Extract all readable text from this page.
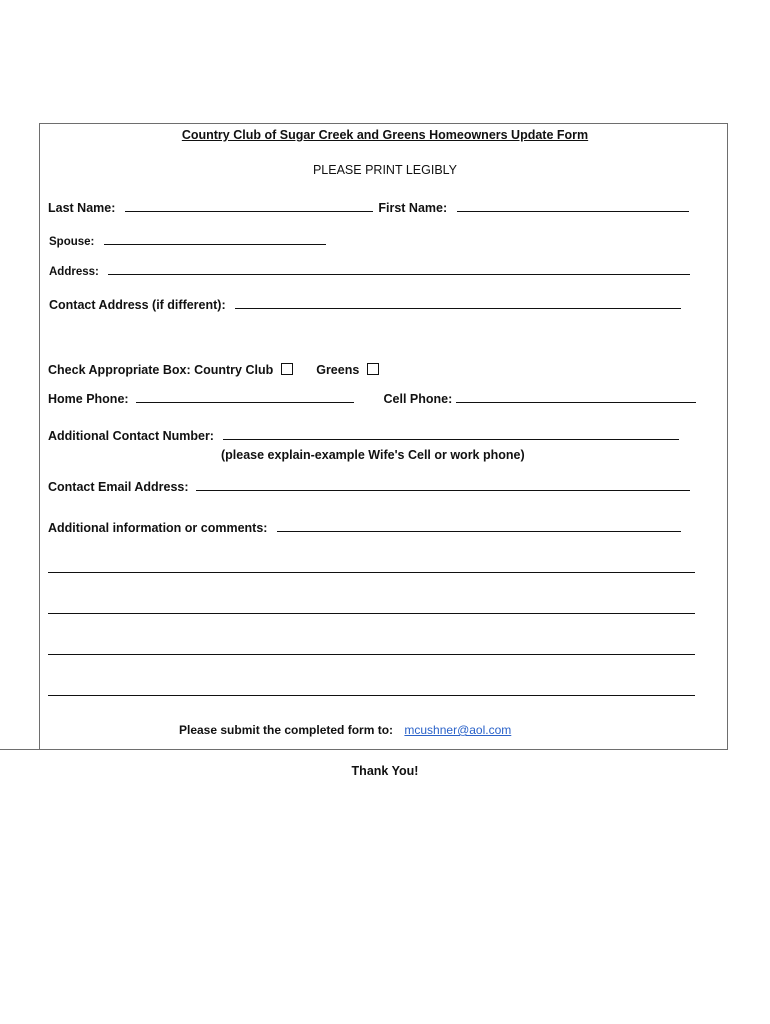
Country Club of Sugar Creek and Greens Homeowners Update Form
PLEASE PRINT LEGIBLY
Last Name:	First Name:
Spouse:
Address:
Contact Address (if different):
Check Appropriate Box: Country Club	Greens
Home Phone:	Cell Phone:
Additional Contact Number:
(please explain-example Wife's Cell or work phone)
Contact Email Address:
Additional information or comments:
Please submit the completed form to: mcushner@aol.com
Thank You!
